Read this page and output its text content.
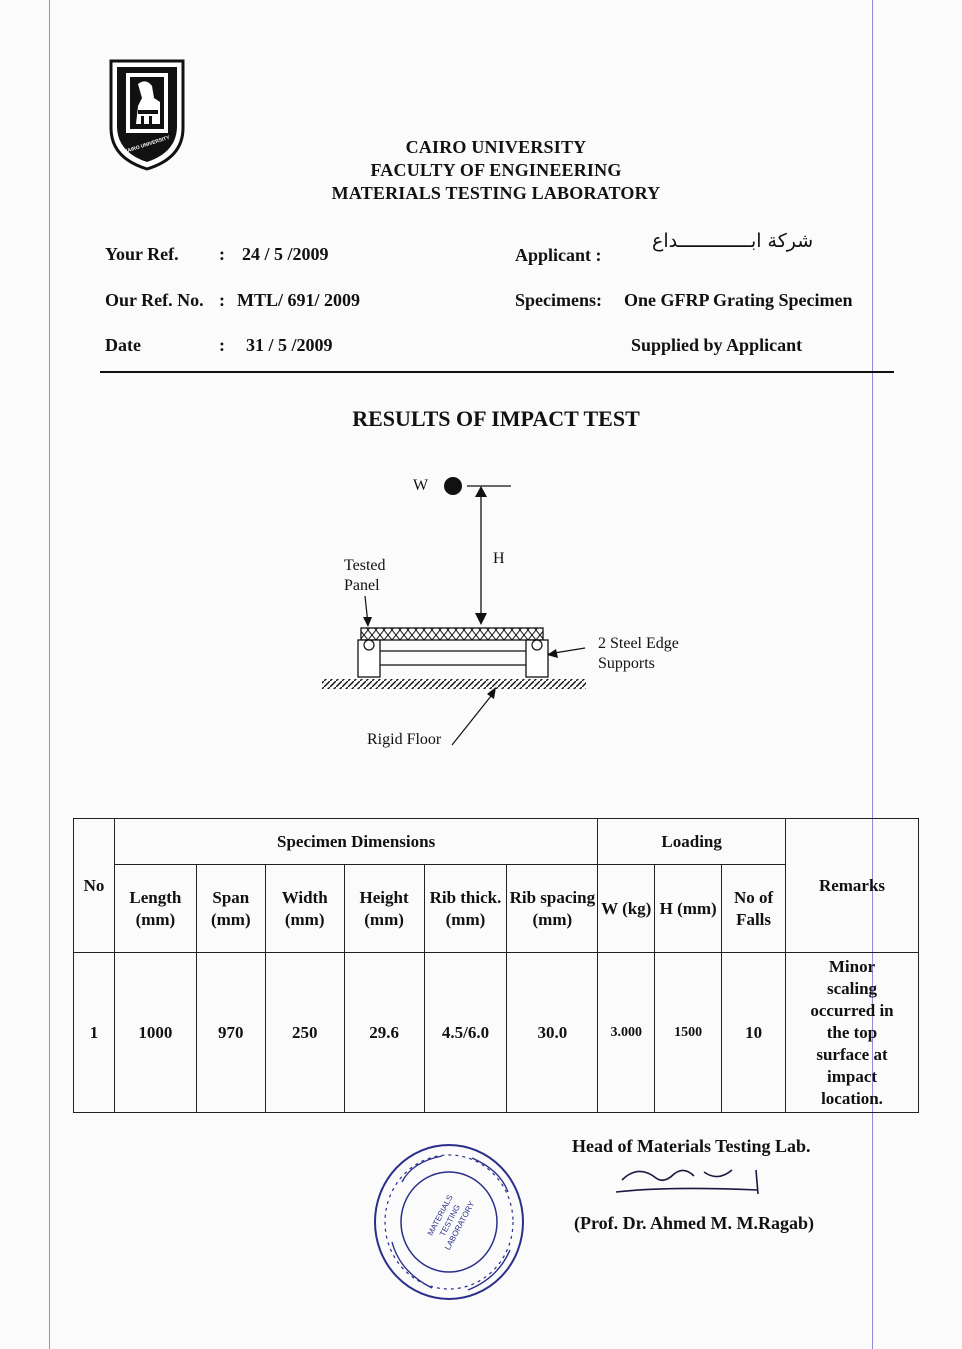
CAIRO UNIVERSITY	CAIRO UNIVERSITY
FACULTY OF ENGINEERING
MATERIALS TESTING LABORATORY
Your Ref. : 24 / 5 /2009
Our Ref. No. : MTL/ 691/ 2009
Date	: 31 / 5 /2009
Applicant :
شركة ابـــــــــــــداع
Specimens: One GFRP Grating Specimen
Supplied by Applicant
RESULTS OF IMPACT TEST
W
H
Tested
Panel
2 Steel Edge
Supports
Rigid Floor
No	Specimen Dimensions						Loading			Remarks
	Length (mm)	Span (mm)	Width (mm)	Height (mm)	Rib thick. (mm)	Rib spacing (mm)	W (kg)	H (mm)	No of Falls	
1	1000	970	250	29.6	4.5/6.0	30.0	3.000	1500	10	Minor scaling occurred in the top surface at impact location.
MATERIALS TESTING LABORATORY
Head of Materials Testing Lab.
(Prof. Dr. Ahmed M. M.Ragab)
